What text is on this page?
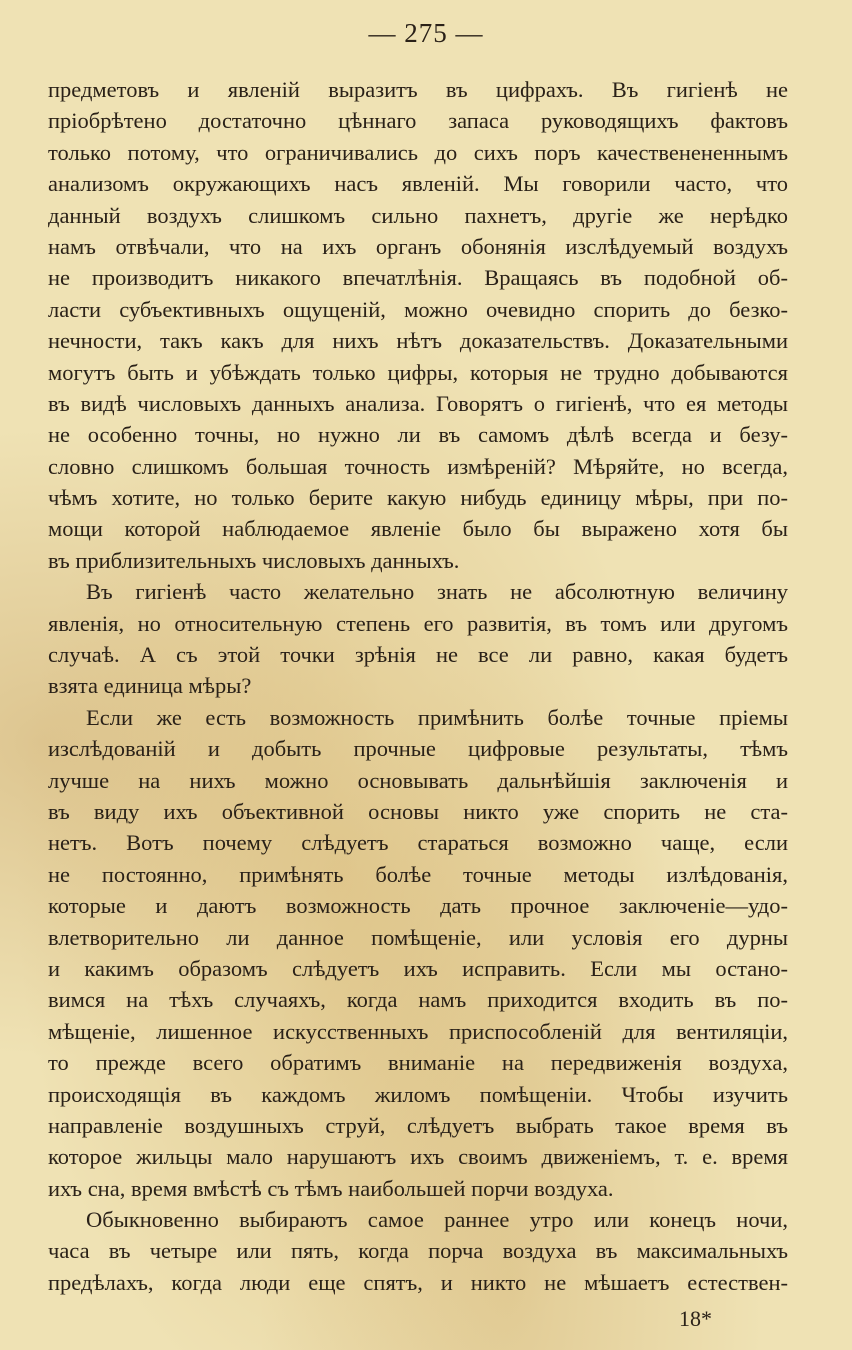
— 275 —
предметовъ и явленій выразитъ въ цифрахъ. Въ гигіенѣ не
пріобрѣтено достаточно цѣннаго запаса руководящихъ фактовъ
только потому, что ограничивались до сихъ поръ качественененнымъ
анализомъ окружающихъ насъ явленій. Мы говорили часто, что
данный воздухъ слишкомъ сильно пахнетъ, другіе же нерѣдко
намъ отвѣчали, что на ихъ органъ обонянія изслѣдуемый воздухъ
не производитъ никакого впечатлѣнія. Вращаясь въ подобной об-
ласти субъективныхъ ощущеній, можно очевидно спорить до безко-
нечности, такъ какъ для нихъ нѣтъ доказательствъ. Доказательными
могутъ быть и убѣждать только цифры, которыя не трудно добываются
въ видѣ числовыхъ данныхъ анализа. Говорятъ о гигіенѣ, что ея методы
не особенно точны, но нужно ли въ самомъ дѣлѣ всегда и безу-
словно слишкомъ большая точность измѣреній? Мѣряйте, но всегда,
чѣмъ хотите, но только берите какую нибудь единицу мѣры, при по-
мощи которой наблюдаемое явленіе было бы выражено хотя бы
въ приблизительныхъ числовыхъ данныхъ.
Въ гигіенѣ часто желательно знать не абсолютную величину
явленія, но относительную степень его развитія, въ томъ или другомъ
случаѣ. А съ этой точки зрѣнія не все ли равно, какая будетъ
взята единица мѣры?
Если же есть возможность примѣнить болѣе точные пріемы
изслѣдованій и добыть прочные цифровые результаты, тѣмъ
лучше на нихъ можно основывать дальнѣйшія заключенія и
въ виду ихъ объективной основы никто уже спорить не ста-
нетъ. Вотъ почему слѣдуетъ стараться возможно чаще, если
не постоянно, примѣнять болѣе точные методы излѣдованія,
которые и даютъ возможность дать прочное заключеніе—удо-
влетворительно ли данное помѣщеніе, или условія его дурны
и какимъ образомъ слѣдуетъ ихъ исправить. Если мы остано-
вимся на тѣхъ случаяхъ, когда намъ приходится входить въ по-
мѣщеніе, лишенное искусственныхъ приспособленій для вентиляціи,
то прежде всего обратимъ вниманіе на передвиженія воздуха,
происходящія въ каждомъ жиломъ помѣщеніи. Чтобы изучить
направленіе воздушныхъ струй, слѣдуетъ выбрать такое время въ
которое жильцы мало нарушаютъ ихъ своимъ движеніемъ, т. е. время
ихъ сна, время вмѣстѣ съ тѣмъ наибольшей порчи воздуха.
Обыкновенно выбираютъ самое раннее утро или конецъ ночи,
часа въ четыре или пять, когда порча воздуха въ максимальныхъ
предѣлахъ, когда люди еще спятъ, и никто не мѣшаетъ естествен-
18*
